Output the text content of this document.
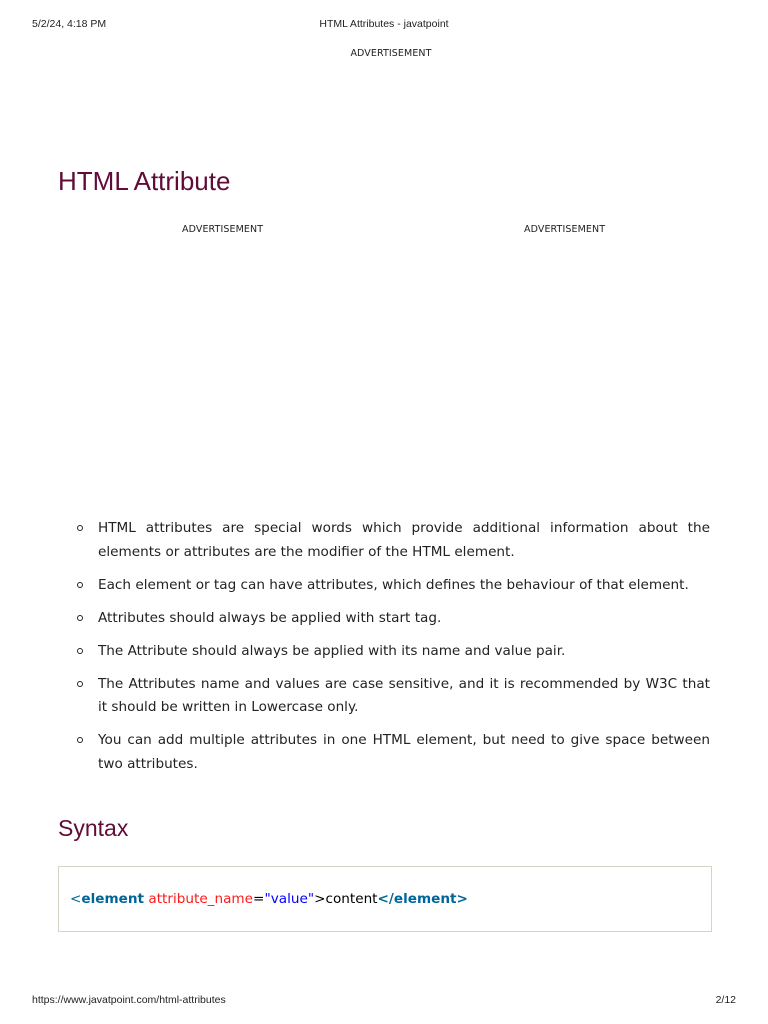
5/2/24, 4:18 PM	HTML Attributes - javatpoint
ADVERTISEMENT
HTML Attribute
ADVERTISEMENT	ADVERTISEMENT
HTML attributes are special words which provide additional information about the elements or attributes are the modifier of the HTML element.
Each element or tag can have attributes, which defines the behaviour of that element.
Attributes should always be applied with start tag.
The Attribute should always be applied with its name and value pair.
The Attributes name and values are case sensitive, and it is recommended by W3C that it should be written in Lowercase only.
You can add multiple attributes in one HTML element, but need to give space between two attributes.
Syntax
<element attribute_name="value">content</element>
https://www.javatpoint.com/html-attributes	2/12
